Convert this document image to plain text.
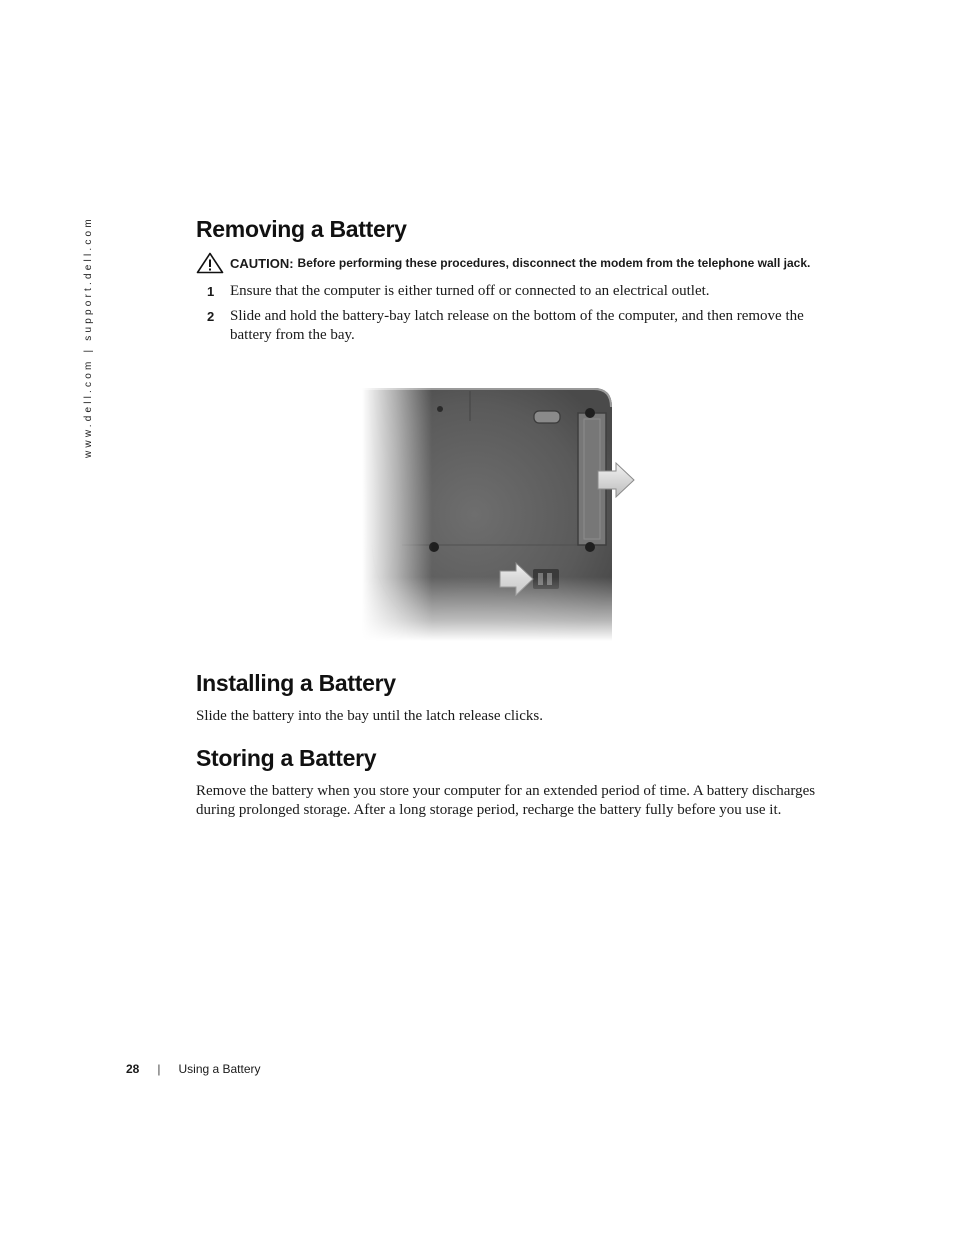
www.dell.com | support.dell.com	Removing a Battery
CAUTION: Before performing these procedures, disconnect the modem from the telephone wall jack.
1	Ensure that the computer is either turned off or connected to an electrical outlet.
2	Slide and hold the battery-bay latch release on the bottom of the computer, and then remove the battery from the bay.
Installing a Battery

Slide the battery into the bay until the latch release clicks.

Storing a Battery

Remove the battery when you store your computer for an extended period of time. A battery discharges during prolonged storage. After a long storage period, recharge the battery fully before you use it.

28 | Using a Battery
